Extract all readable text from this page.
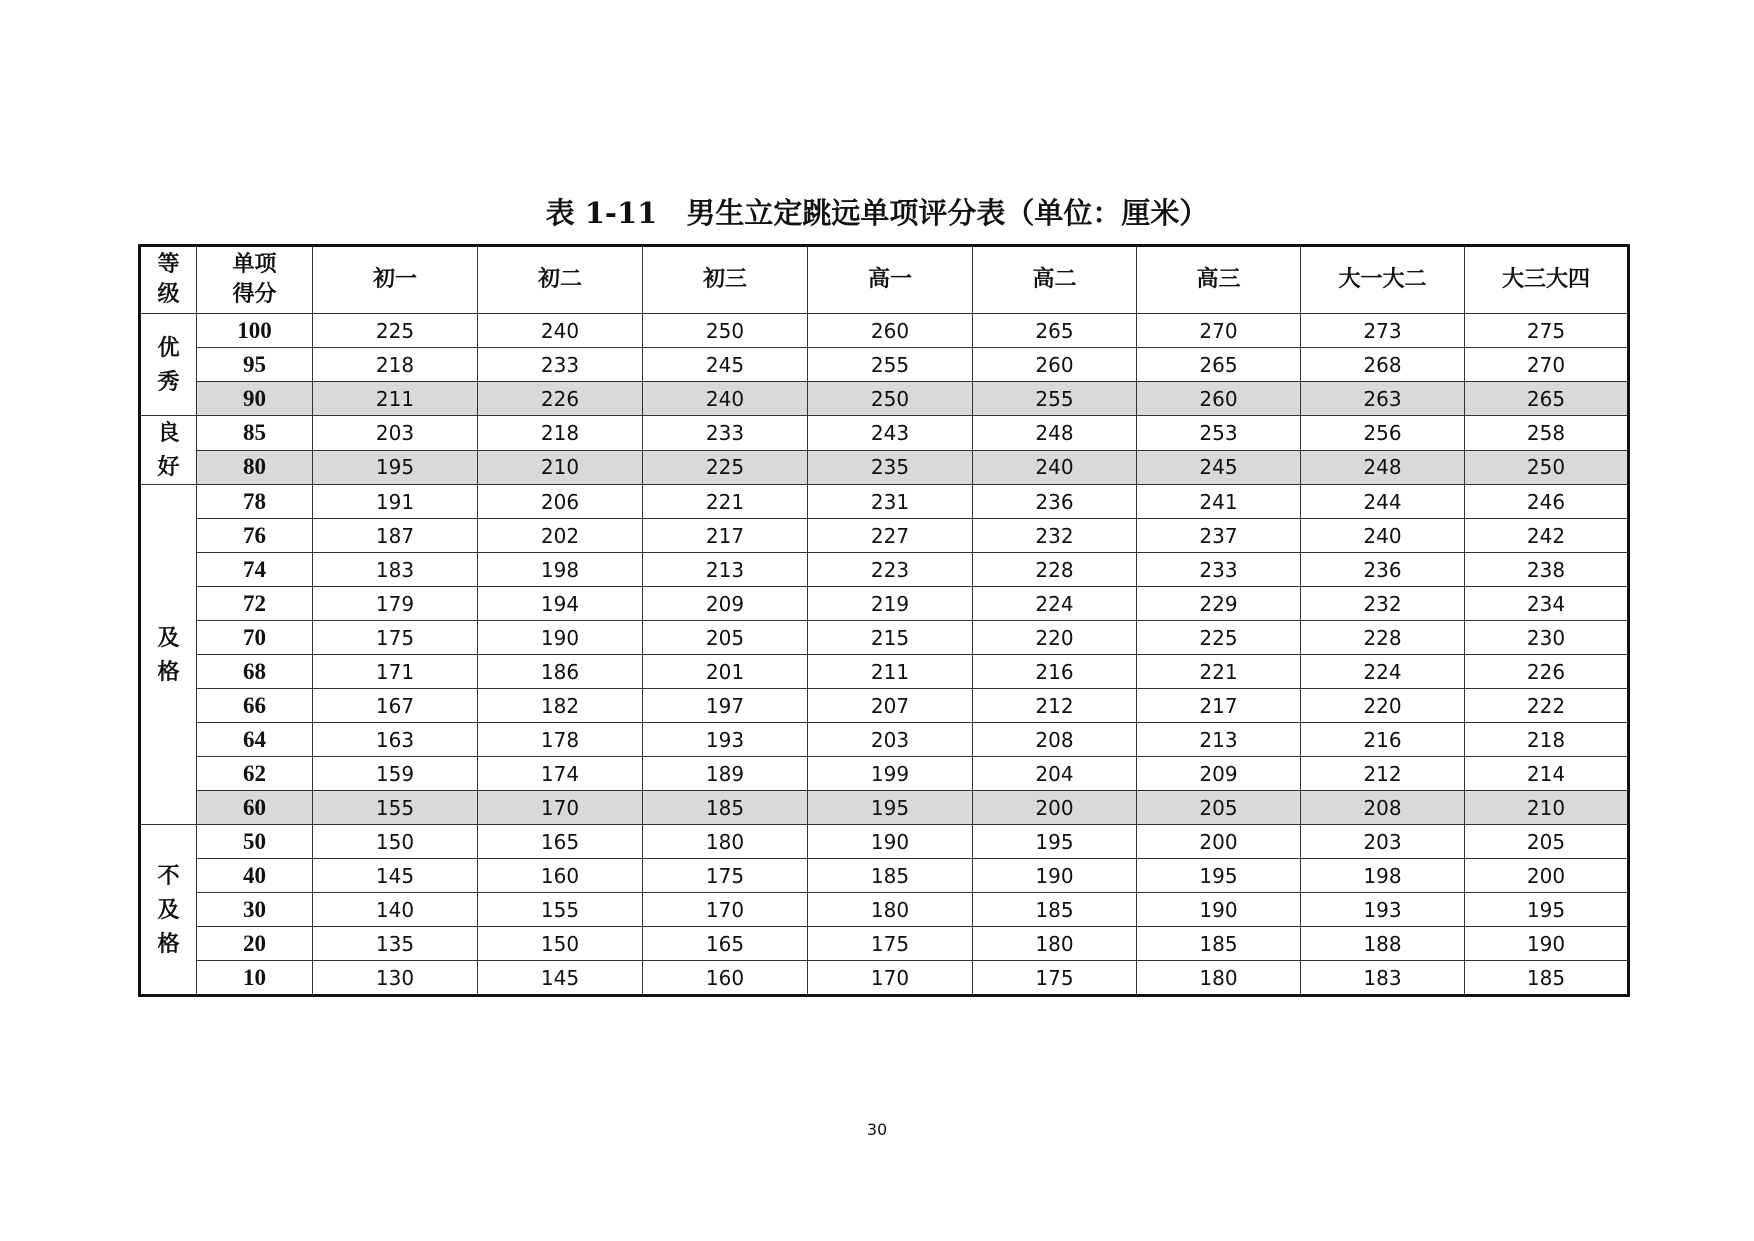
表 1-11　男生立定跳远单项评分表（单位：厘米）
等级	单项得分	初一	初二	初三	高一	高二	高三	大一大二	大三大四
优秀	100	225	240	250	260	265	270	273	275
	95	218	233	245	255	260	265	268	270
	90	211	226	240	250	255	260	263	265
良好	85	203	218	233	243	248	253	256	258
	80	195	210	225	235	240	245	248	250
及格	78	191	206	221	231	236	241	244	246
	76	187	202	217	227	232	237	240	242
	74	183	198	213	223	228	233	236	238
	72	179	194	209	219	224	229	232	234
	70	175	190	205	215	220	225	228	230
	68	171	186	201	211	216	221	224	226
	66	167	182	197	207	212	217	220	222
	64	163	178	193	203	208	213	216	218
	62	159	174	189	199	204	209	212	214
	60	155	170	185	195	200	205	208	210
不及格	50	150	165	180	190	195	200	203	205
	40	145	160	175	185	190	195	198	200
	30	140	155	170	180	185	190	193	195
	20	135	150	165	175	180	185	188	190
	10	130	145	160	170	175	180	183	185
30
